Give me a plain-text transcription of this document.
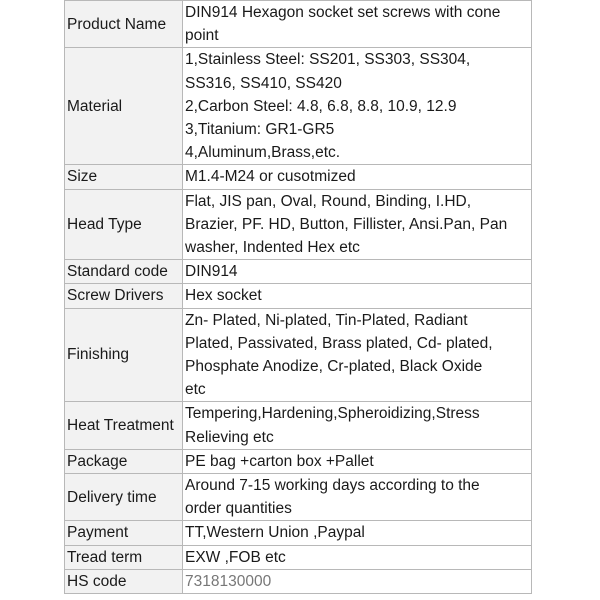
Product Name	DIN914 Hexagon socket set screws with cone
point

Material	1,Stainless Steel: SS201, SS303, SS304,
SS316, SS410, SS420
2,Carbon Steel: 4.8, 6.8, 8.8, 10.9, 12.9
3,Titanium: GR1-GR5
4,Aluminum,Brass,etc.

Size	M1.4-M24 or cusotmized

Head Type	Flat, JIS pan, Oval, Round, Binding, I.HD,
Brazier, PF. HD, Button, Fillister, Ansi.Pan, Pan
washer, Indented Hex etc

Standard code	DIN914

Screw Drivers	Hex socket

Finishing	Zn- Plated, Ni-plated, Tin-Plated, Radiant
Plated, Passivated, Brass plated, Cd- plated,
Phosphate Anodize, Cr-plated, Black Oxide
etc

Heat Treatment	Tempering,Hardening,Spheroidizing,Stress
Relieving etc

Package	PE bag +carton box +Pallet

Delivery time	Around 7-15 working days according to the
order quantities

Payment	TT,Western Union ,Paypal

Tread term	EXW ,FOB etc

HS code	7318130000
